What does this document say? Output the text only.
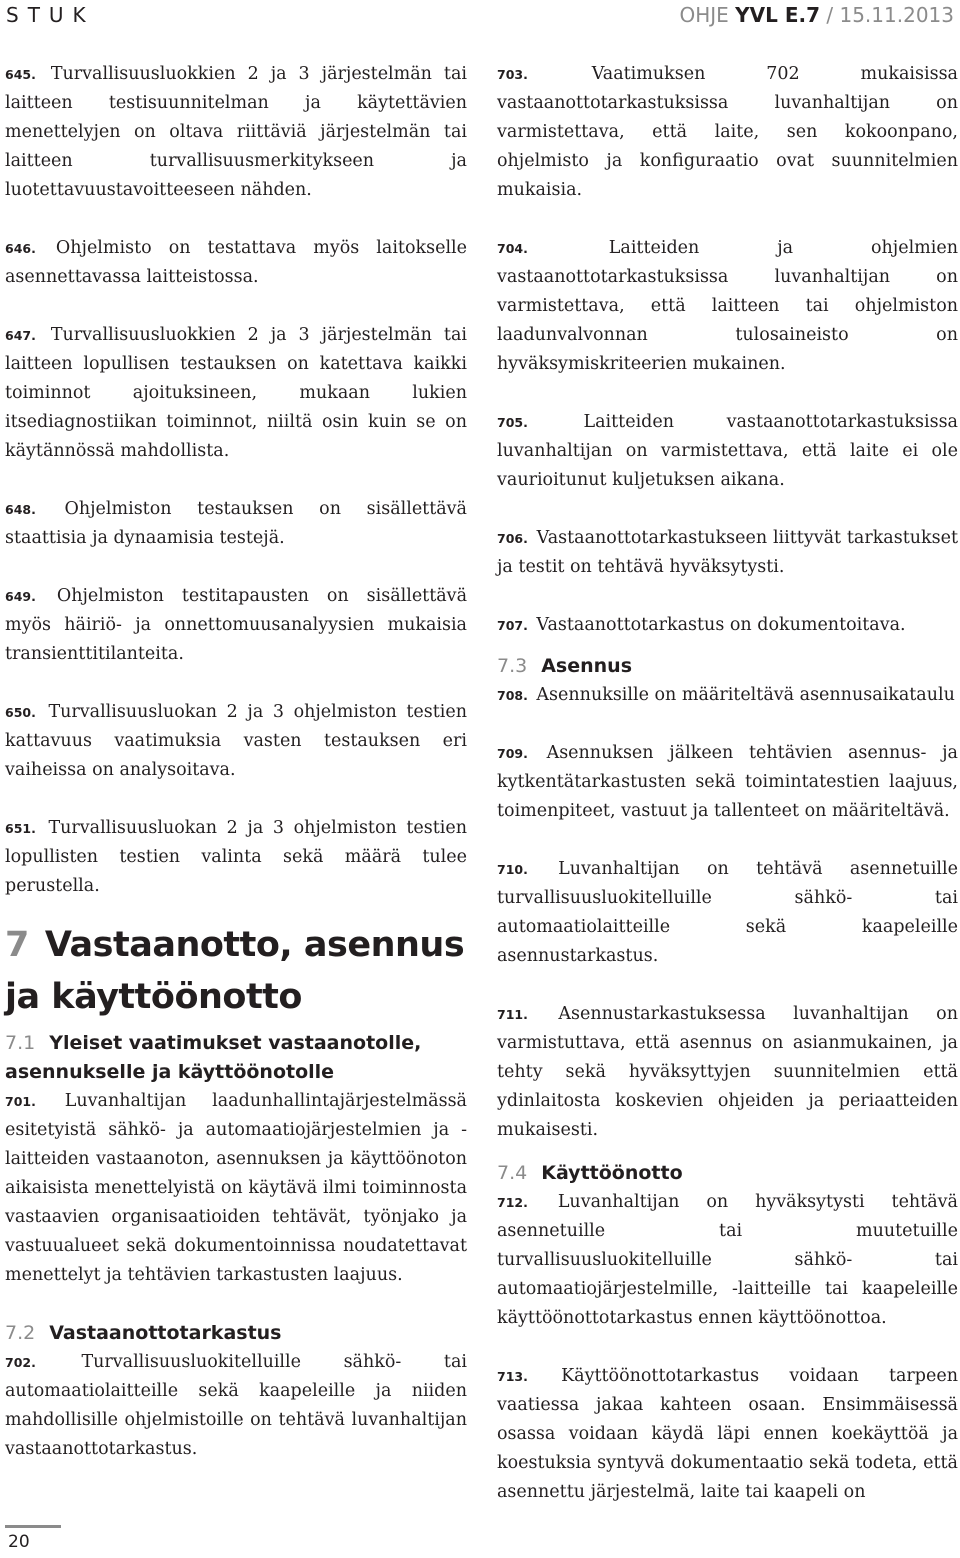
STUK	OHJE YVL E.7 / 15.11.2013

645. Turvallisuusluokkien 2 ja 3 järjestelmän tai laitteen testisuunnitelman ja käytettävien menettelyjen on oltava riittäviä järjestelmän tai laitteen turvallisuusmerkitykseen ja luotettavuustavoitteeseen nähden.

646. Ohjelmisto on testattava myös laitokselle asennettavassa laitteistossa.

647. Turvallisuusluokkien 2 ja 3 järjestelmän tai laitteen lopullisen testauksen on katettava kaikki toiminnot ajoituksineen, mukaan lukien itsediagnostiikan toiminnot, niiltä osin kuin se on käytännössä mahdollista.

648. Ohjelmiston testauksen on sisällettävä staattisia ja dynaamisia testejä.

649. Ohjelmiston testitapausten on sisällettävä myös häiriö- ja onnettomuusanalyysien mukaisia transienttitilanteita.

650. Turvallisuusluokan 2 ja 3 ohjelmiston testien kattavuus vaatimuksia vasten testauksen eri vaiheissa on analysoitava.

651. Turvallisuusluokan 2 ja 3 ohjelmiston testien lopullisten testien valinta sekä määrä tulee perustella.

7 Vastaanotto, asennus ja käyttöönotto
7.1 Yleiset vaatimukset vastaanotolle, asennukselle ja käyttöönotolle

701. Luvanhaltijan laadunhallintajärjestelmässä esitetyistä sähkö- ja automaatiojärjestelmien ja -laitteiden vastaanoton, asennuksen ja käyttöönoton aikaisista menettelyistä on käytävä ilmi toiminnosta vastaavien organisaatioiden tehtävät, työnjako ja vastuualueet sekä dokumentoinnissa noudatettavat menettelyt ja tehtävien tarkastusten laajuus.

7.2 Vastaanottotarkastus

702.	Turvallisuusluokitelluille sähkö- tai automaatiolaitteille sekä kaapeleille ja niiden mahdollisille ohjelmistoille on tehtävä luvanhaltijan vastaanottotarkastus.

703.	Vaatimuksen 702 mukaisissa vastaanottotarkastuksissa luvanhaltijan on varmistettava, että laite, sen kokoonpano, ohjelmisto ja konfiguraatio ovat suunnitelmien mukaisia.

704.	Laitteiden ja ohjelmien vastaanottotarkastuksissa luvanhaltijan on varmistettava, että laitteen tai ohjelmiston laadunvalvonnan tulosaineisto on hyväksymiskriteerien mukainen.

705.	Laitteiden vastaanottotarkastuksissa luvanhaltijan on varmistettava, että laite ei ole vaurioitunut kuljetuksen aikana.

706. Vastaanottotarkastukseen liittyvät tarkastukset ja testit on tehtävä hyväksytysti.

707. Vastaanottotarkastus on dokumentoitava.

7.3 Asennus

708. Asennuksille on määriteltävä asennusaikataulu

709. Asennuksen jälkeen tehtävien asennus- ja kytkentätarkastusten sekä toimintatestien laajuus, toimenpiteet, vastuut ja tallenteet on määriteltävä.

710. Luvanhaltijan on tehtävä asennetuille turvallisuusluokitelluille sähkö- tai automaatiolaitteille sekä kaapeleille asennustarkastus.

711. Asennustarkastuksessa luvanhaltijan on varmistuttava, että asennus on asianmukainen, ja tehty sekä hyväksyttyjen suunnitelmien että ydinlaitosta koskevien ohjeiden ja periaatteiden mukaisesti.

7.4 Käyttöönotto

712. Luvanhaltijan on hyväksytysti tehtävä asennetuille tai muutetuille turvallisuusluokitelluille sähkö- tai automaatiojärjestelmille, -laitteille tai kaapeleille käyttöönottotarkastus ennen käyttöönottoa.

713. Käyttöönottotarkastus voidaan tarpeen vaatiessa jakaa kahteen osaan. Ensimmäisessä osassa voidaan käydä läpi ennen koekäyttöä ja koestuksia syntyvä dokumentaatio sekä todeta, että asennettu järjestelmä, laite tai kaapeli on

20
